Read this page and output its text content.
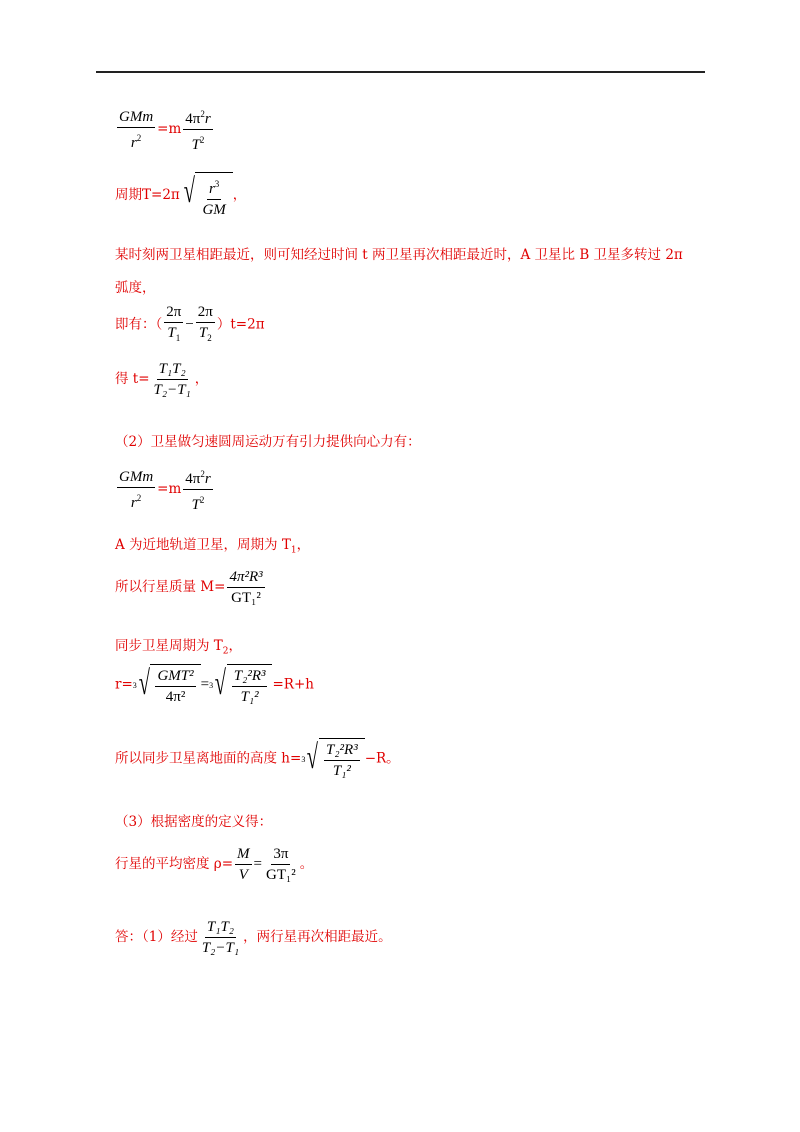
$\frac{\text{GMm}}{r^2} =m \frac{4\pi^2r}{T^2}$
周期T=2π √ $\frac{r^3}{GM}$ ，
某时刻两卫星相距最近，则可知经过时间 t 两卫星再次相距最近时，A 卫星比 B 卫星多转过 2π
弧度，
即有：（ $\frac{2\pi}{T_1} - \frac{2\pi}{T_2} )t=2\pi$
得 $t= \frac{\text{T₁T₂}}{\text{T₂−T₁}}$ ，
（2）卫星做匀速圆周运动万有引力提供向心力有：
$\frac{\text{GMm}}{r^2} =m \frac{4\pi^2r}{T^2}$
A 为近地轨道卫星，周期为 $T_1$，
所以行星质量 $M= \frac{\text{4π²R³}}{\text{GT₁²}}$
同步卫星周期为 $T_2$，
r= 3 √ $\frac{\text{GMT²}}{\text{4π²}} = 3$ √ $\frac{\text{T₂²R³}}{\text{T₁²}} =R+h$
所以同步卫星离地面的高度 h= 3 √ $\frac{\text{T₂²R³}}{\text{T₁²}} -R$。
（3）根据密度的定义得：
行星的平均密度 $\rho= \frac{M}{V} = \frac{3\pi}{\text{GT₁²}}$ 。
答：（1）经过 $\frac{\text{T₁T₂}}{\text{T₂−T₁}}$ ，两行星再次相距最近。
